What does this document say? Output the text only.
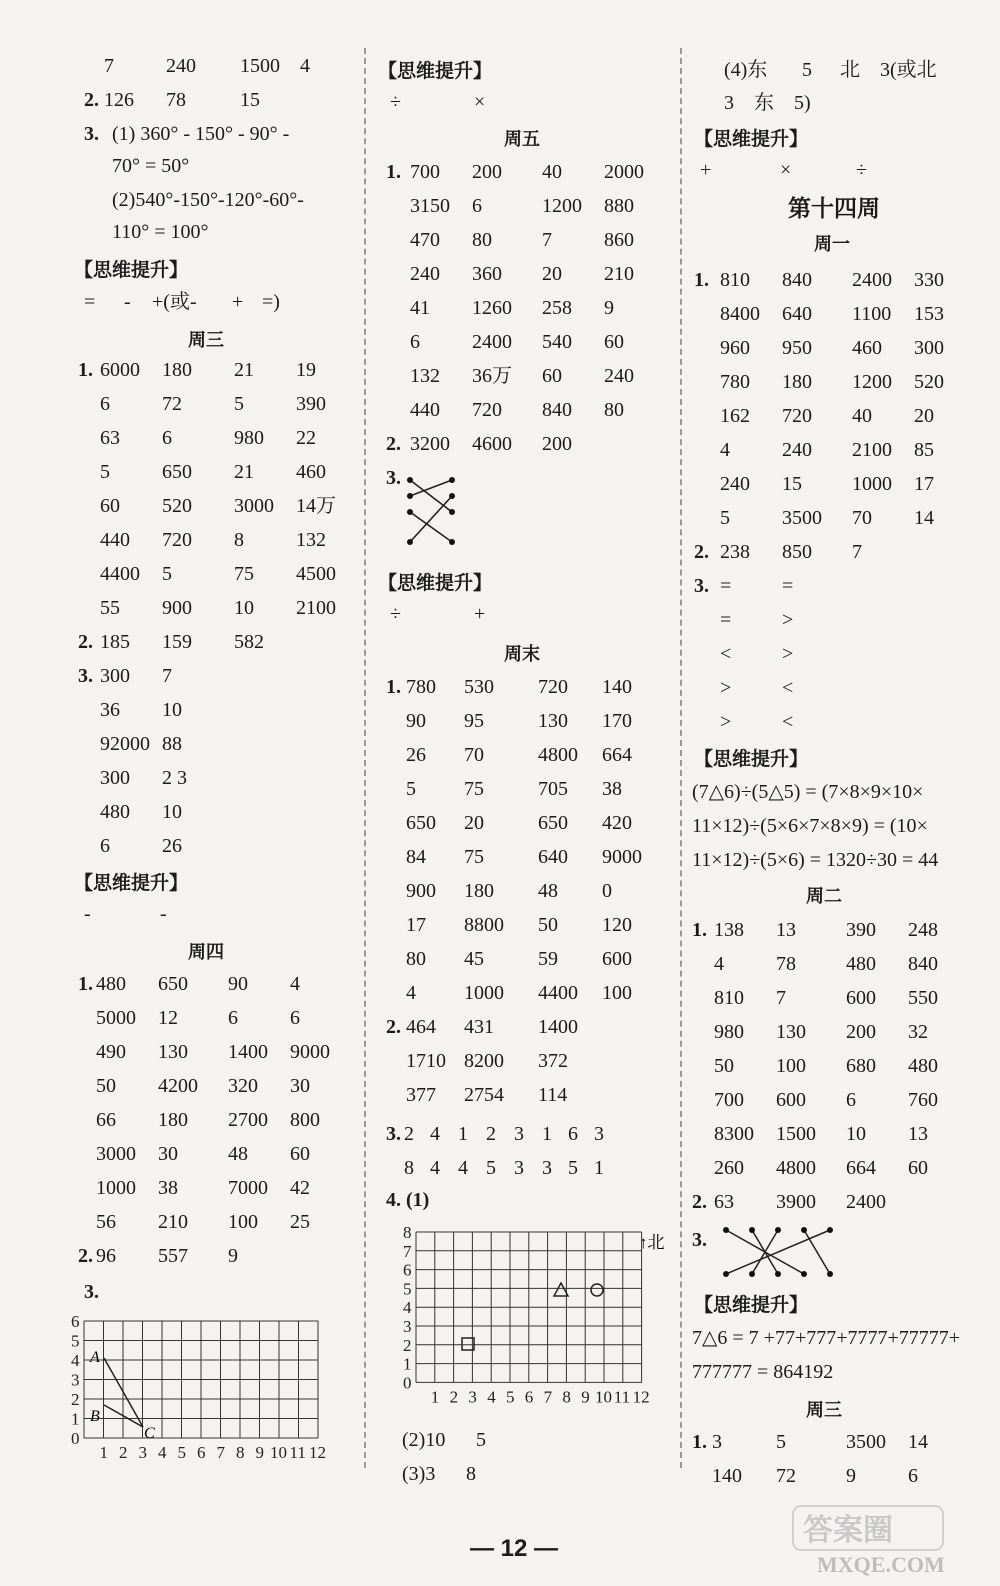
7	240 1500 4
2. 126 78	15
3. (1) 360° - 150° - 90° -
70° = 50°
(2)540°-150°-120°-60°-
110° = 100°
【思维提升】
= - +(或- + =)
周三
1. 6000 180 21 19
6	72	5	390
63 6	980 22
5	650 21 460
60 520 3000 14万
440 720 8	132
4400 5	75 4500
55 900 10 2100
2. 185 159 582
3. 300 7
36 10
92000 88
300 2 3
480 10
6	26
【思维提升】
-	-
周四
1. 480 650 90 4
5000 12	6	6
490 130 1400 9000
50 4200 320 30
66 180 2700 800
3000 30	48 60
1000 38	7000 42
56 210 100 25
2. 96 557 9
3.
A
B
C
0
1
2
3
4
5
6
1 2 3 4 5 6 7 8 9 10 11 12
【思维提升】
÷	×
周五
1. 700 200 40 2000
3150 6	1200 880
470 80	7	860
240 360 20 210
41 1260 258 9
6	2400 540 60
132 36万 60 240
440 720 840 80
2. 3200 4600 200
3.
【思维提升】
÷	+
周末
1. 780 530 720 140
90 95	130 170
26 70	4800 664
5 75	705 38
650 20	650 420
84 75	640 9000
900 180 48 0
17 8800 50 120
80 45	59 600
4 1000 4400 100
2. 464 431 1400
1710 8200 372
377 2754 114
3. 2 4 1 2 3 1 6 3
8 4 4 5 3 3 5 1
4. (1)
↑北
0
1
2
3
4
5
6
7
8
1 2 3 4 5 6 7 8 9 10 11 12
(2)10 5
(3)3 8
(4)东 5 北 3(或北
3 东 5)
【思维提升】
+	×	÷
第十四周
周一
1. 810 840 2400 330
8400 640 1100 153
960 950 460 300
780 180 1200 520
162 720 40 20
4	240 2100 85
240 15	1000 17
5	3500 70 14
2. 238 850 7
3. =	=
=	>
<	>
>	<
>	<
【思维提升】
(7△6)÷(5△5) = (7×8×9×10×
11×12)÷(5×6×7×8×9) = (10×
11×12)÷(5×6) = 1320÷30 = 44
周二
1. 138 13	390 248
4	78	480 840
810 7	600 550
980 130 200 32
50 100 680 480
700 600 6	760
8300 1500 10 13
260 4800 664 60
2. 63 3900 2400
3.
【思维提升】
7△6 = 7 +77+777+7777+77777+
777777 = 864192
周三
1. 3	5	3500 14
140 72	9	6
— 12 —
答案圈
MXQE.COM
